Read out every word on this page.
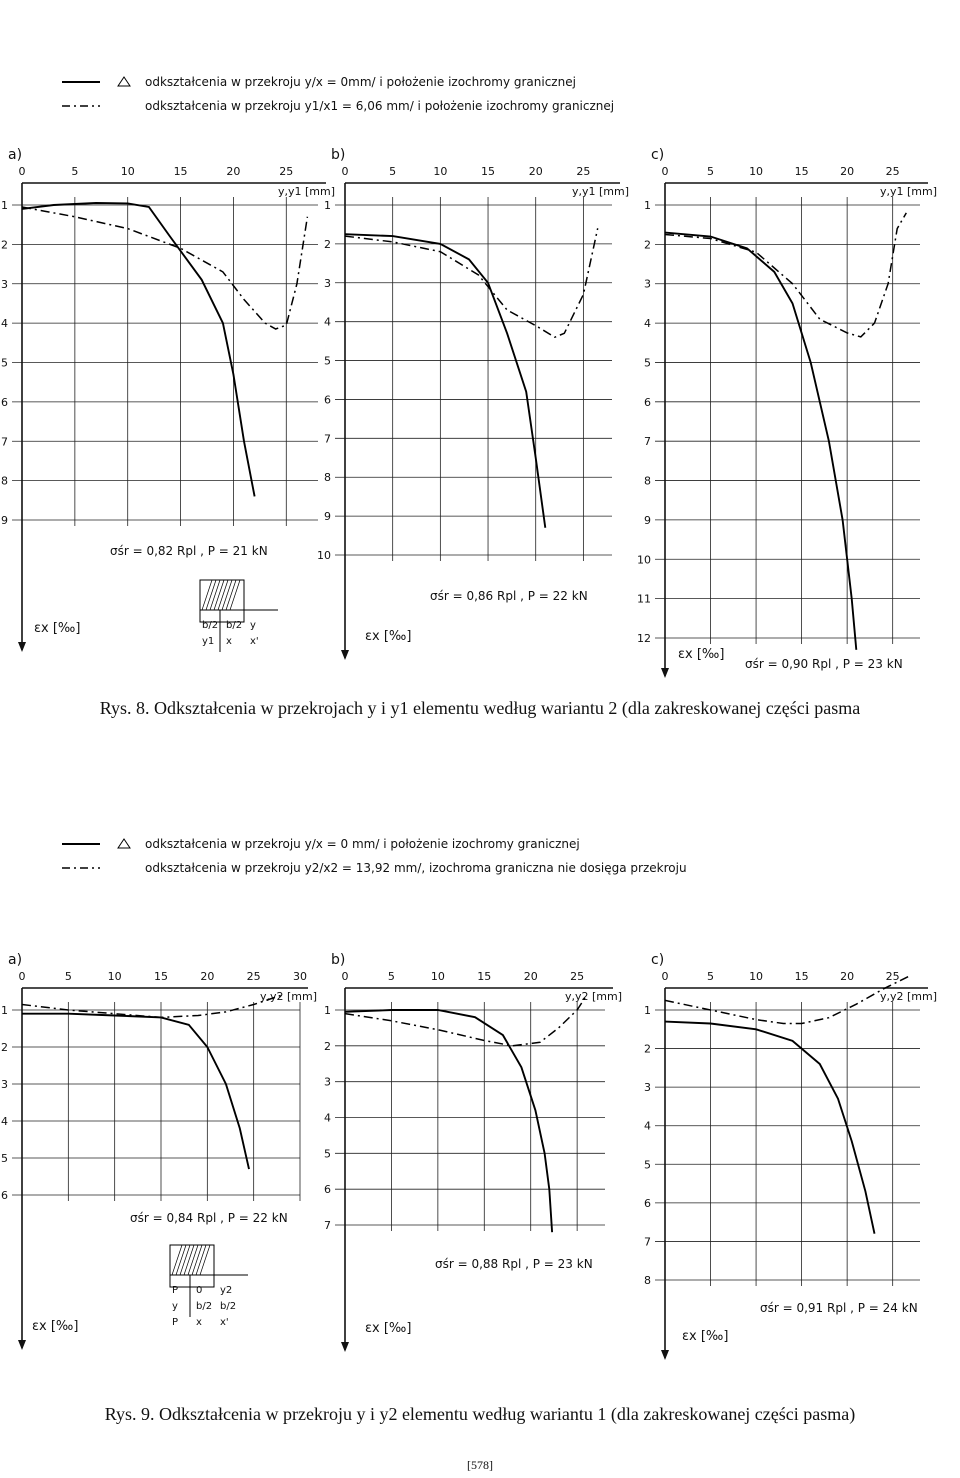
0	5	10	15	20	25
1
2
3
4
5
6
7
8
9
a)
y,y1 [mm]
εx [‰]
σśr = 0,82 Rpl , P = 21 kN
0	5	10	15	20	25
1
2
3
4
5
6
7
8
9
10
b)
y,y1 [mm]
εx [‰]
σśr = 0,86 Rpl , P = 22 kN
0	5	10	15	20	25
1
2
3
4
5
6
7
8
9
10
11
12
c)
y,y1 [mm]
εx [‰]
σśr = 0,90 Rpl , P = 23 kN
0	5	10	15	20	25	30
1
2
3
4
5
6
a)
y,y2 [mm]
εx [‰]
σśr = 0,84 Rpl , P = 22 kN
0	5	10	15	20	25
1
2
3
4
5
6
7
b)
y,y2 [mm]
εx [‰]
σśr = 0,88 Rpl , P = 23 kN
0	5	10	15	20	25
1
2
3
4
5
6
7
8
c)
y,y2 [mm]
εx [‰]
σśr = 0,91 Rpl , P = 24 kN
odkształcenia w przekroju y/x = 0mm/ i położenie izochromy granicznej
odkształcenia w przekroju y1/x1 = 6,06 mm/ i położenie izochromy granicznej
odkształcenia w przekroju y/x = 0 mm/ i położenie izochromy granicznej
odkształcenia w przekroju y2/x2 = 13,92 mm/, izochroma graniczna nie dosięga przekroju
b/2 b/2 y
y1 x x'
P 0 y2
y b/2 b/2
P x x'
Rys. 8. Odkształcenia w przekrojach y i y1 elementu według wariantu 2 (dla zakreskowanej części pasma
Rys. 9. Odkształcenia w przekroju y i y2 elementu według wariantu 1 (dla zakreskowanej części pasma)
[578]
